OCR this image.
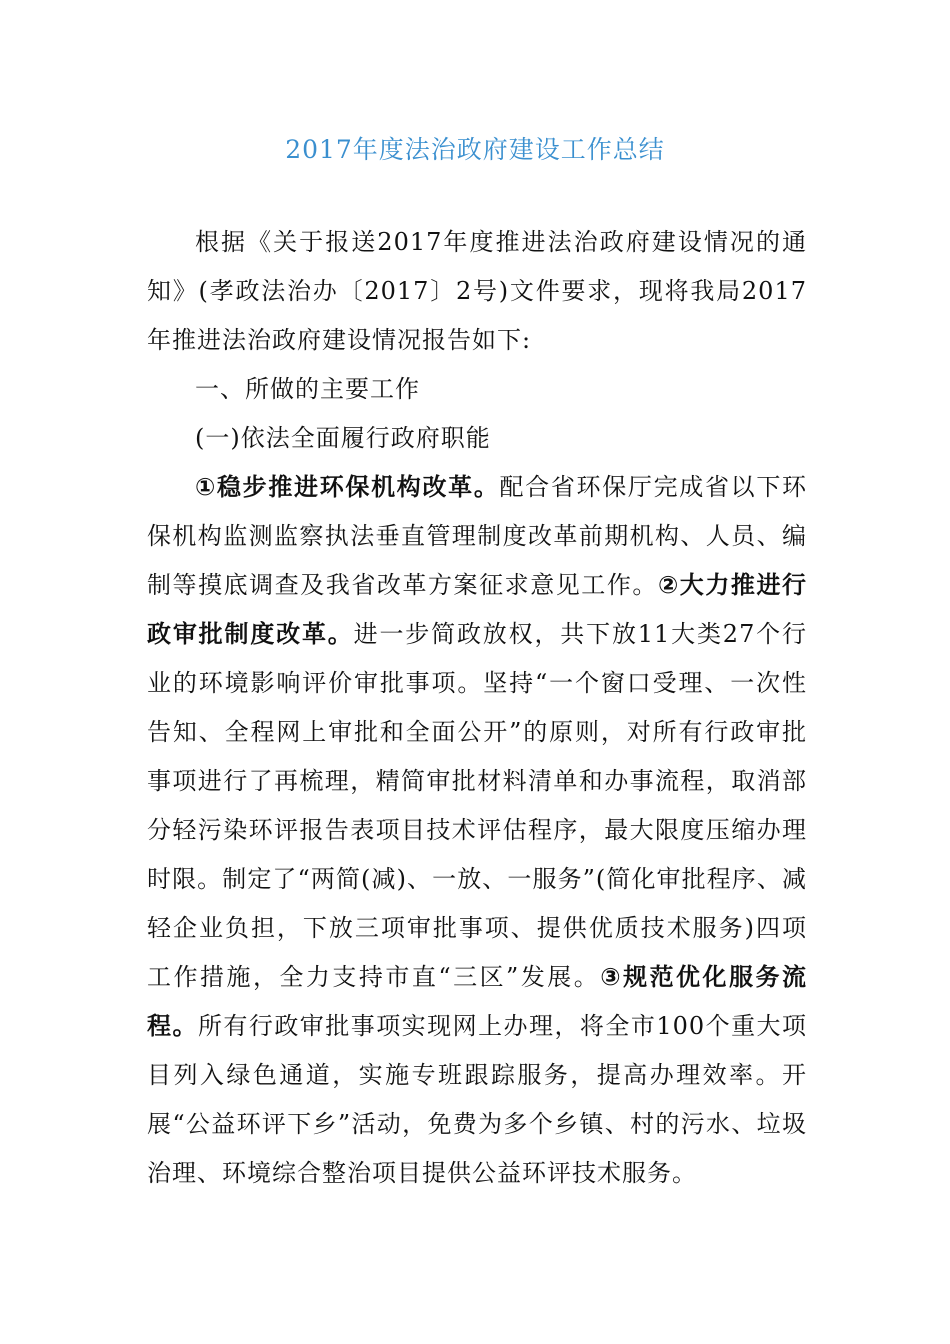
2017年度法治政府建设工作总结

根据《关于报送2017年度推进法治政府建设情况的通知》(孝政法治办〔2017〕2号)文件要求，现将我局2017年推进法治政府建设情况报告如下:

一、所做的主要工作

(一)依法全面履行政府职能

①稳步推进环保机构改革。配合省环保厅完成省以下环保机构监测监察执法垂直管理制度改革前期机构、人员、编制等摸底调查及我省改革方案征求意见工作。②大力推进行政审批制度改革。进一步简政放权，共下放11大类27个行业的环境影响评价审批事项。坚持“一个窗口受理、一次性告知、全程网上审批和全面公开”的原则，对所有行政审批事项进行了再梳理，精简审批材料清单和办事流程，取消部分轻污染环评报告表项目技术评估程序，最大限度压缩办理时限。制定了“两简(减)、一放、一服务”(简化审批程序、减轻企业负担，下放三项审批事项、提供优质技术服务)四项工作措施，全力支持市直“三区”发展。③规范优化服务流程。所有行政审批事项实现网上办理，将全市100个重大项目列入绿色通道，实施专班跟踪服务，提高办理效率。开展“公益环评下乡”活动，免费为多个乡镇、村的污水、垃圾治理、环境综合整治项目提供公益环评技术服务。
